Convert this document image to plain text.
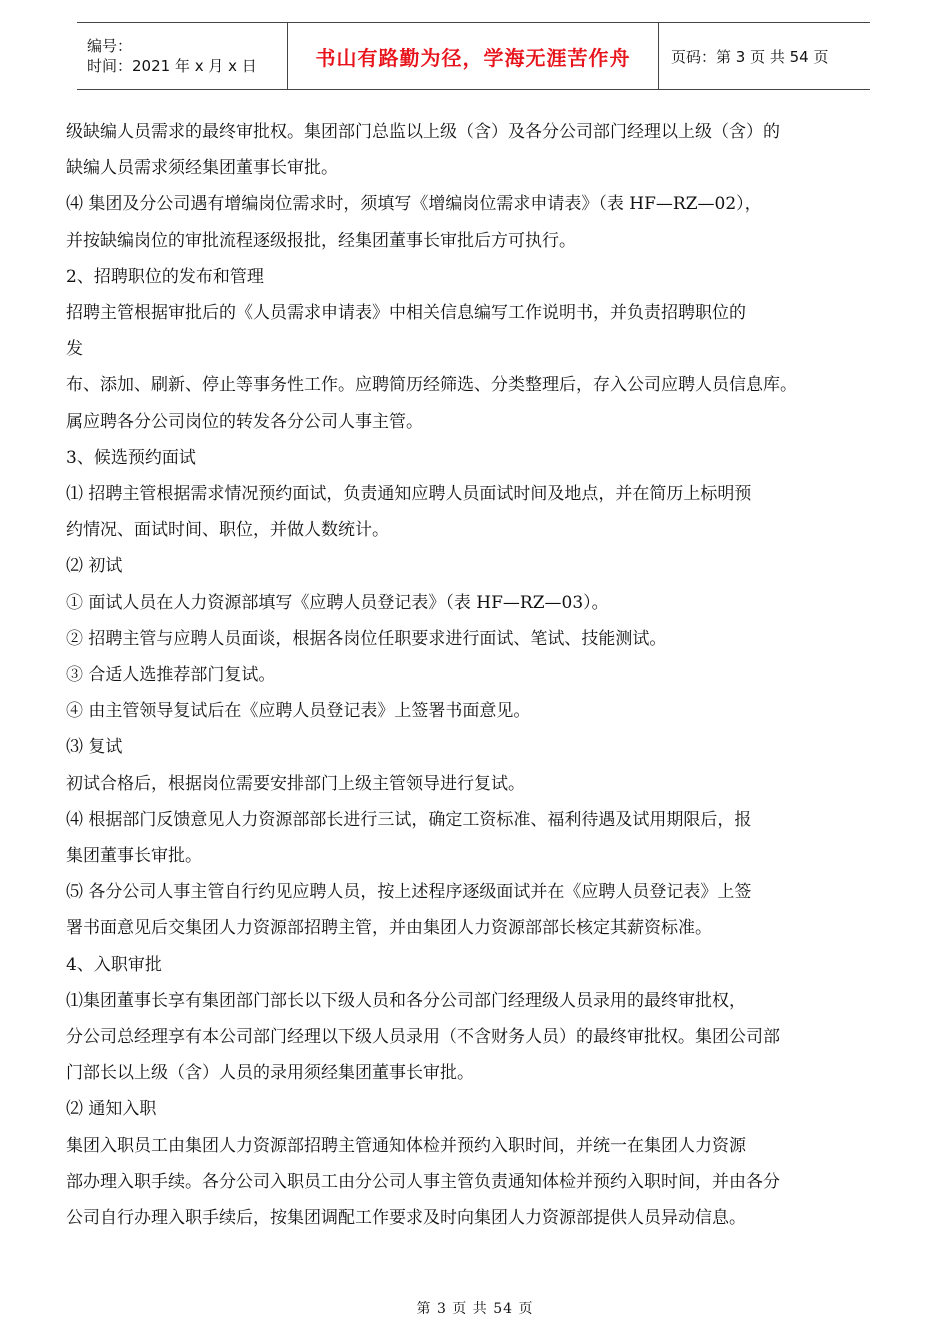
编号：
时间：2021 年 x 月 x 日	书山有路勤为径，学海无涯苦作舟	页码：第 3 页 共 54 页

级缺编人员需求的最终审批权。集团部门总监以上级（含）及各分公司部门经理以上级（含）的

缺编人员需求须经集团董事长审批。

⑷ 集团及分公司遇有增编岗位需求时，须填写《增编岗位需求申请表》（表 HF—RZ—02），

并按缺编岗位的审批流程逐级报批，经集团董事长审批后方可执行。

2、招聘职位的发布和管理

招聘主管根据审批后的《人员需求申请表》中相关信息编写工作说明书，并负责招聘职位的

发

布、添加、刷新、停止等事务性工作。应聘简历经筛选、分类整理后，存入公司应聘人员信息库。

属应聘各分公司岗位的转发各分公司人事主管。

3、候选预约面试

⑴ 招聘主管根据需求情况预约面试，负责通知应聘人员面试时间及地点，并在简历上标明预

约情况、面试时间、职位，并做人数统计。

⑵ 初试

① 面试人员在人力资源部填写《应聘人员登记表》（表 HF—RZ—03）。

② 招聘主管与应聘人员面谈，根据各岗位任职要求进行面试、笔试、技能测试。

③ 合适人选推荐部门复试。

④ 由主管领导复试后在《应聘人员登记表》上签署书面意见。

⑶ 复试

初试合格后，根据岗位需要安排部门上级主管领导进行复试。

⑷ 根据部门反馈意见人力资源部部长进行三试，确定工资标准、福利待遇及试用期限后，报

集团董事长审批。

⑸ 各分公司人事主管自行约见应聘人员，按上述程序逐级面试并在《应聘人员登记表》上签

署书面意见后交集团人力资源部招聘主管，并由集团人力资源部部长核定其薪资标准。

4、入职审批

⑴集团董事长享有集团部门部长以下级人员和各分公司部门经理级人员录用的最终审批权，

分公司总经理享有本公司部门经理以下级人员录用（不含财务人员）的最终审批权。集团公司部

门部长以上级（含）人员的录用须经集团董事长审批。

⑵ 通知入职

集团入职员工由集团人力资源部招聘主管通知体检并预约入职时间，并统一在集团人力资源

部办理入职手续。各分公司入职员工由分公司人事主管负责通知体检并预约入职时间，并由各分

公司自行办理入职手续后，按集团调配工作要求及时向集团人力资源部提供人员异动信息。

第 3 页 共 54 页
